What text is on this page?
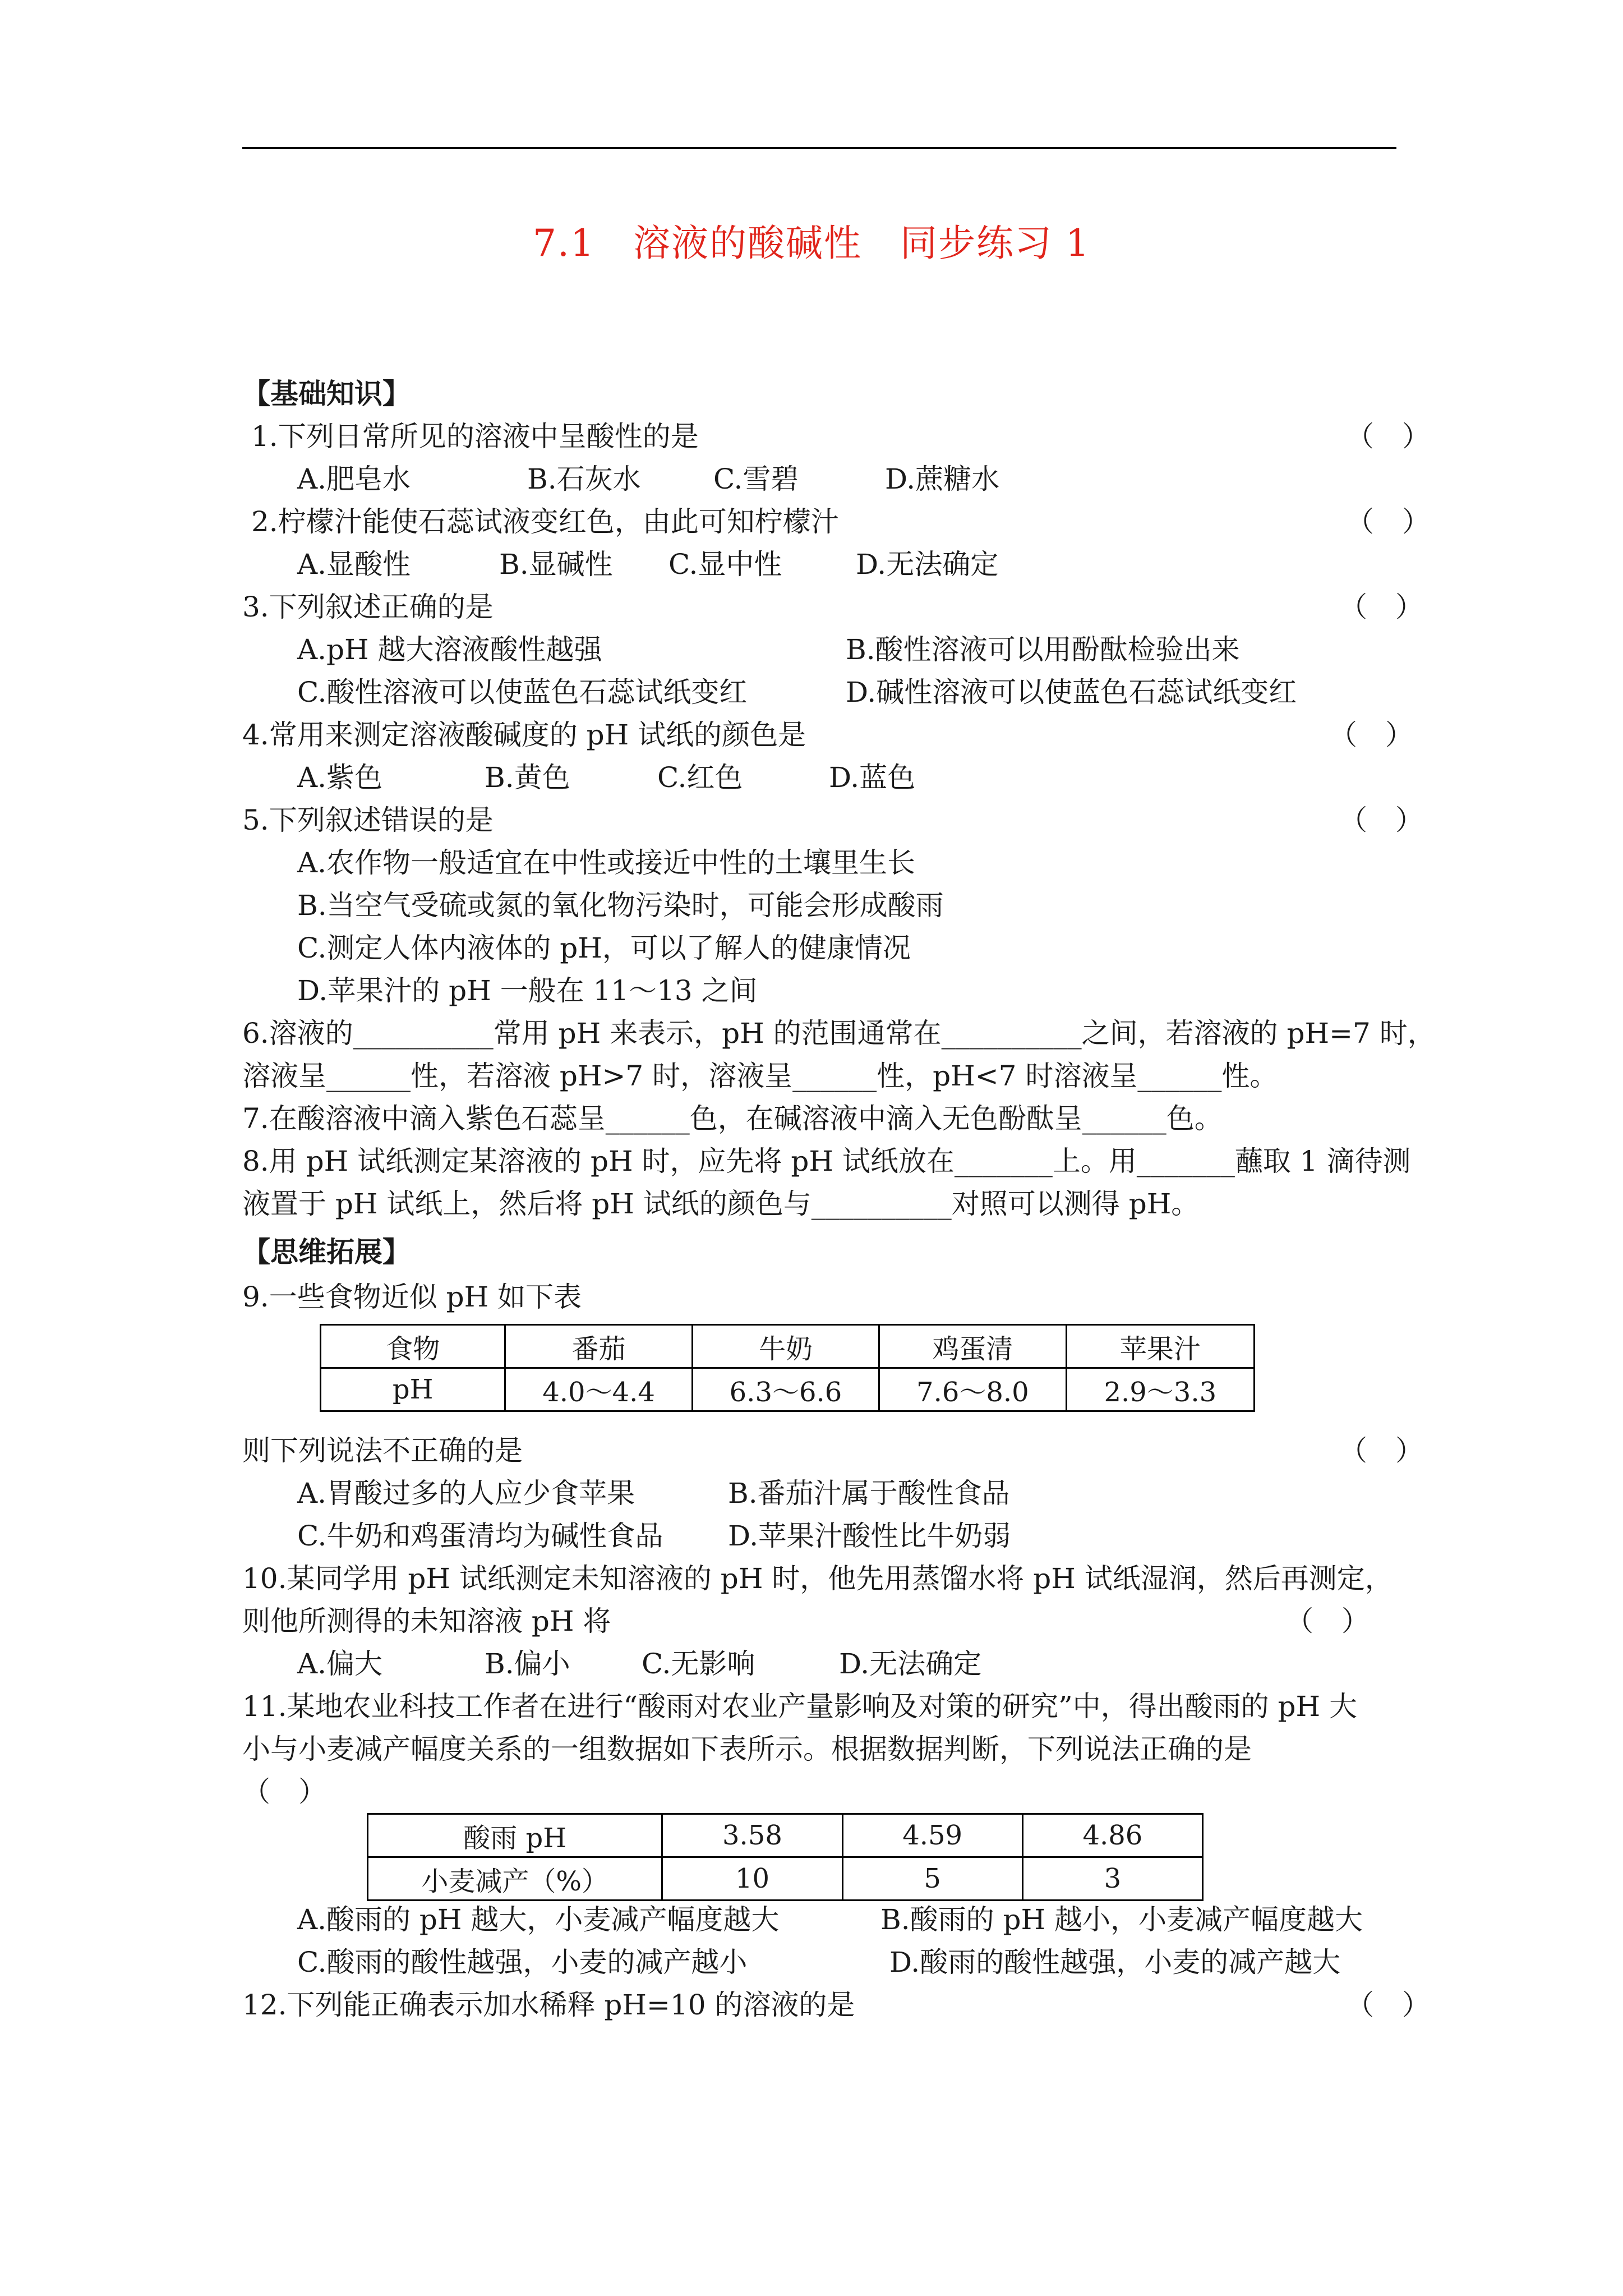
7.1　溶液的酸碱性　同步练习 1
【基础知识】
1.下列日常所见的溶液中呈酸性的是	（　）
A.肥皂水	B.石灰水	C.雪碧	D.蔗糖水
2.柠檬汁能使石蕊试液变红色，由此可知柠檬汁	（　）
A.显酸性	B.显碱性 C.显中性	D.无法确定
3.下列叙述正确的是	（　）
A.pH 越大溶液酸性越强	B.酸性溶液可以用酚酞检验出来
C.酸性溶液可以使蓝色石蕊试纸变红	D.碱性溶液可以使蓝色石蕊试纸变红
4.常用来测定溶液酸碱度的 pH 试纸的颜色是	（　）
A.紫色	B.黄色	C.红色	D.蓝色
5.下列叙述错误的是	（　）
A.农作物一般适宜在中性或接近中性的土壤里生长
B.当空气受硫或氮的氧化物污染时，可能会形成酸雨
C.测定人体内液体的 pH，可以了解人的健康情况
D.苹果汁的 pH 一般在 11～13 之间
6.溶液的__________常用 pH 来表示，pH 的范围通常在__________之间，若溶液的 pH=7 时，
溶液呈______性，若溶液 pH>7 时，溶液呈______性，pH<7 时溶液呈______性。
7.在酸溶液中滴入紫色石蕊呈______色，在碱溶液中滴入无色酚酞呈______色。
8.用 pH 试纸测定某溶液的 pH 时，应先将 pH 试纸放在_______上。用_______蘸取 1 滴待测
液置于 pH 试纸上，然后将 pH 试纸的颜色与__________对照可以测得 pH。
【思维拓展】
9.一些食物近似 pH 如下表
食物	番茄	牛奶	鸡蛋清	苹果汁
pH	4.0～4.4	6.3～6.6	7.6～8.0	2.9～3.3
则下列说法不正确的是	（　）
A.胃酸过多的人应少食苹果	B.番茄汁属于酸性食品
C.牛奶和鸡蛋清均为碱性食品 D.苹果汁酸性比牛奶弱
10.某同学用 pH 试纸测定未知溶液的 pH 时，他先用蒸馏水将 pH 试纸湿润，然后再测定，
则他所测得的未知溶液 pH 将	（　）
A.偏大	B.偏小	C.无影响	D.无法确定
11.某地农业科技工作者在进行“酸雨对农业产量影响及对策的研究”中，得出酸雨的 pH 大
小与小麦减产幅度关系的一组数据如下表所示。根据数据判断，下列说法正确的是
（　）
酸雨 pH	3.58	4.59	4.86
小麦减产（%）	10	5	3
A.酸雨的 pH 越大，小麦减产幅度越大	B.酸雨的 pH 越小，小麦减产幅度越大
C.酸雨的酸性越强，小麦的减产越小	D.酸雨的酸性越强，小麦的减产越大
12.下列能正确表示加水稀释 pH=10 的溶液的是	（　）
